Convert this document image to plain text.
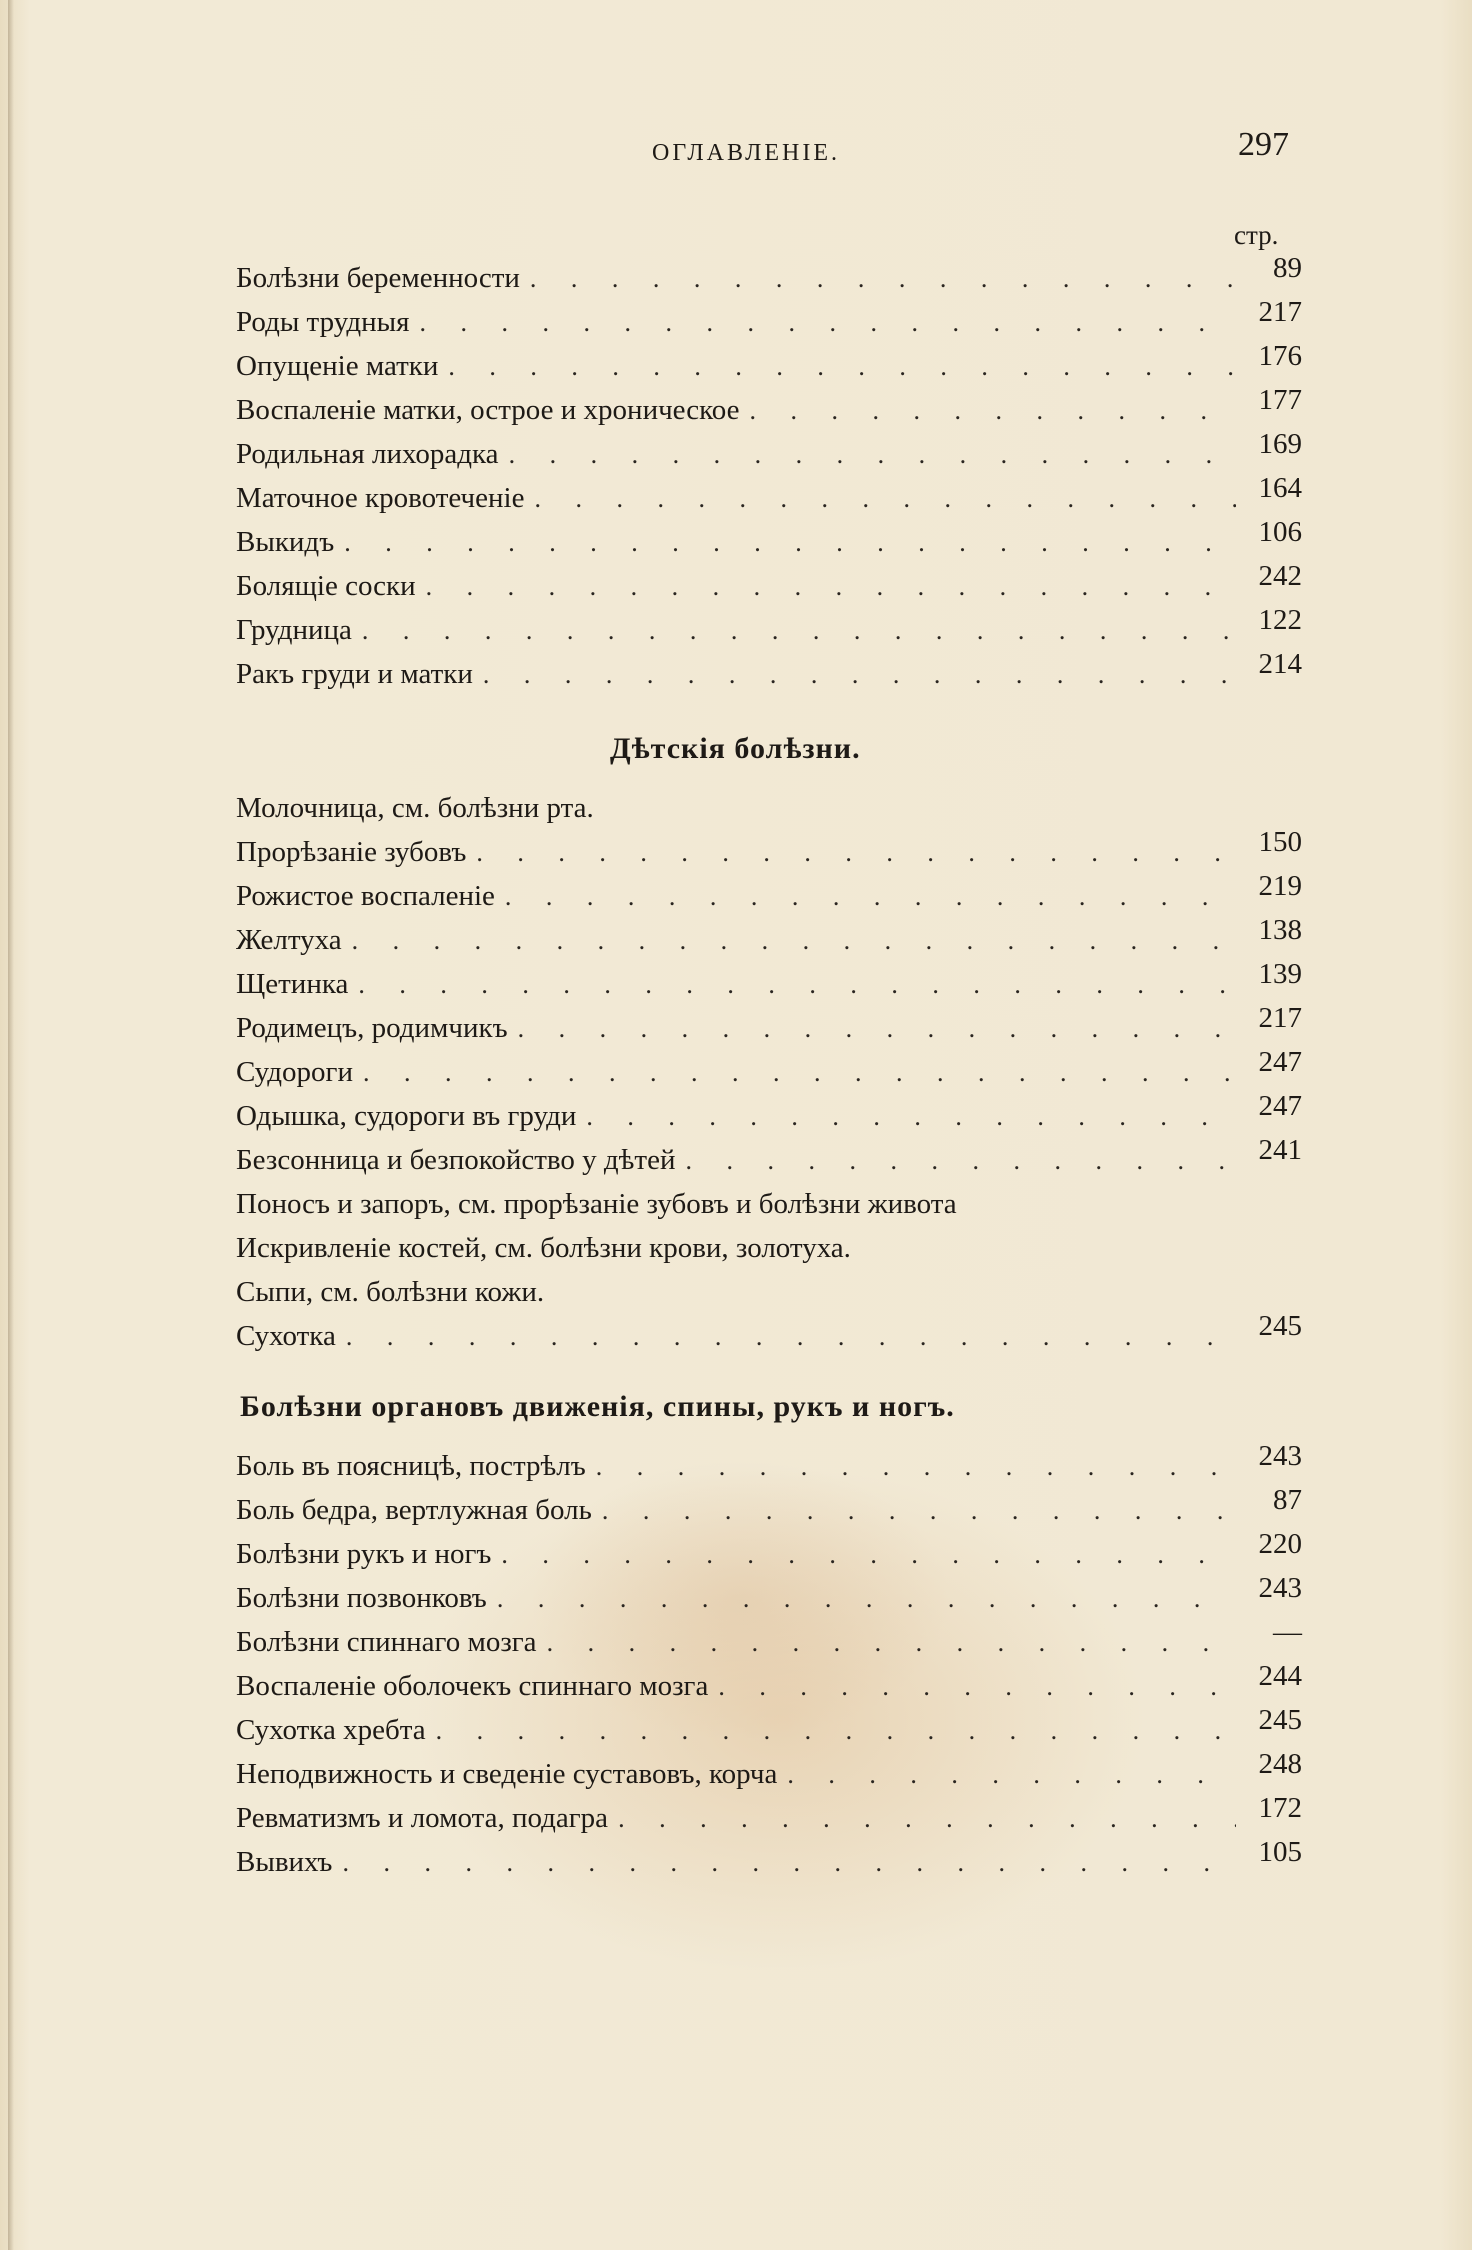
ОГЛАВЛЕНІЕ.	297
стр.
Болѣзни беременности . . .	89
Роды трудныя . . .	217
Опущеніе матки . . .	176
Воспаленіе матки, острое и хроническое . . .	177
Родильная лихорадка . . .	169
Маточное кровотеченіе . . .	164
Выкидъ . . .	106
Болящіе соски . . .	242
Грудница . . .	122
Ракъ груди и матки . . .	214
Дѣтскія болѣзни.
Молочница, см. болѣзни рта.
Прорѣзаніе зубовъ . . .	150
Рожистое воспаленіе . . .	219
Желтуха . . .	138
Щетинка . . .	139
Родимецъ, родимчикъ . . .	217
Судороги . . .	247
Одышка, судороги въ груди . . .	247
Безсонница и безпокойство у дѣтей . . .	241
Поносъ и запоръ, см. прорѣзаніе зубовъ и болѣзни живота
Искривленіе костей, см. болѣзни крови, золотуха.
Сыпи, см. болѣзни кожи.
Сухотка . . .	245
Болѣзни органовъ движенія, спины, рукъ и ногъ.
Боль въ поясницѣ, пострѣлъ . . .	243
Боль бедра, вертлужная боль . . .	87
Болѣзни рукъ и ногъ . . .	220
Болѣзни позвонковъ . . .	243
Болѣзни спиннаго мозга . . .	—
Воспаленіе оболочекъ спиннаго мозга . . .	244
Сухотка хребта . . .	245
Неподвижность и сведеніе суставовъ, корча . . .	248
Ревматизмъ и ломота, подагра . . .	172
Вывихъ . . .	105
